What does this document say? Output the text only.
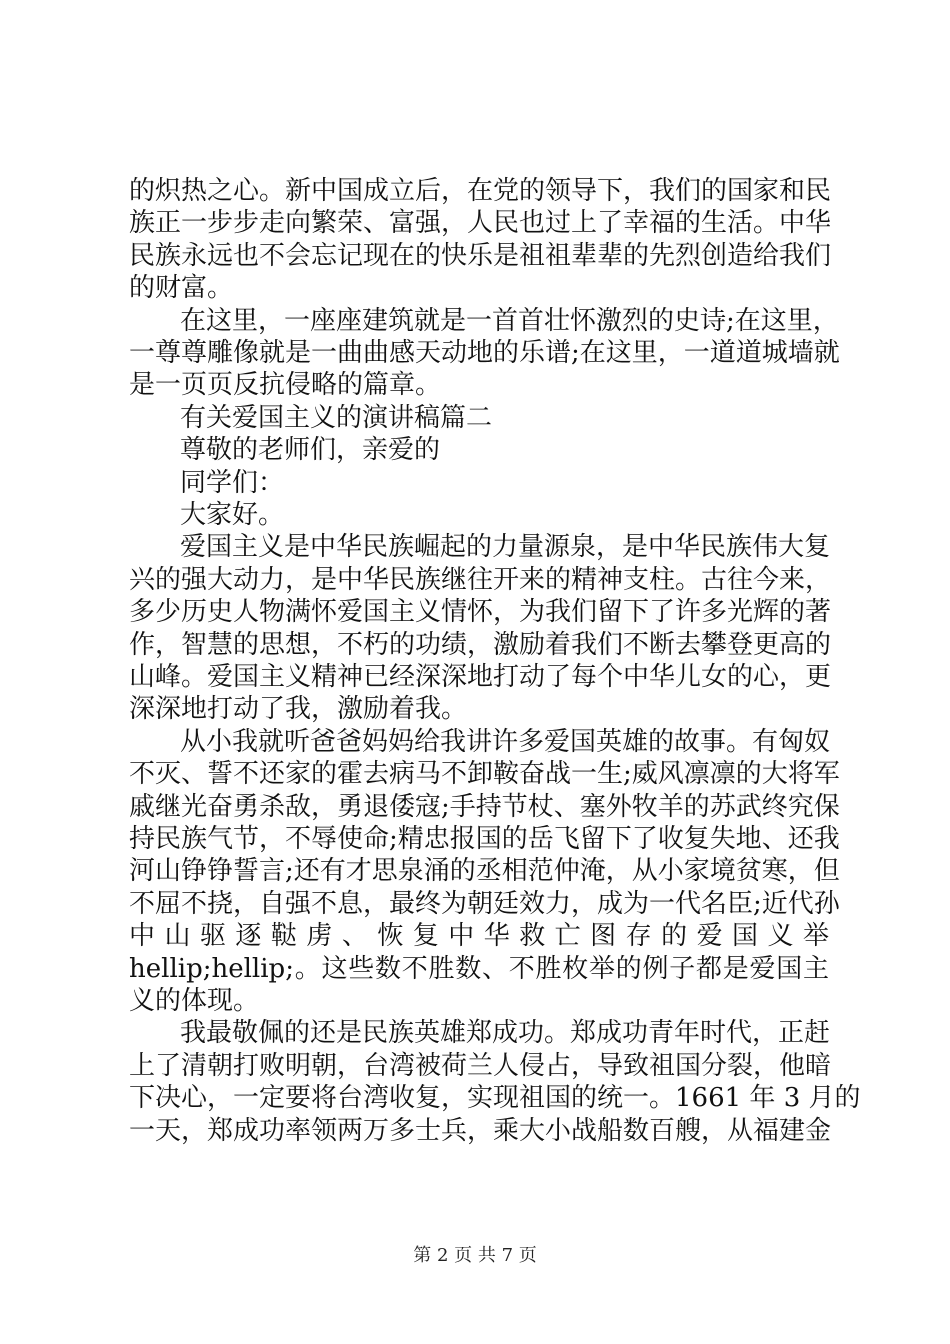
的炽热之心。新中国成立后，在党的领导下，我们的国家和民
族正一步步走向繁荣、富强，人民也过上了幸福的生活。中华
民族永远也不会忘记现在的快乐是祖祖辈辈的先烈创造给我们
的财富。
在这里，一座座建筑就是一首首壮怀激烈的史诗;在这里，
一尊尊雕像就是一曲曲感天动地的乐谱;在这里，一道道城墙就
是一页页反抗侵略的篇章。
有关爱国主义的演讲稿篇二
尊敬的老师们，亲爱的
同学们：
大家好。
爱国主义是中华民族崛起的力量源泉，是中华民族伟大复
兴的强大动力，是中华民族继往开来的精神支柱。古往今来，
多少历史人物满怀爱国主义情怀，为我们留下了许多光辉的著
作，智慧的思想，不朽的功绩，激励着我们不断去攀登更高的
山峰。爱国主义精神已经深深地打动了每个中华儿女的心，更
深深地打动了我，激励着我。
从小我就听爸爸妈妈给我讲许多爱国英雄的故事。有匈奴
不灭、誓不还家的霍去病马不卸鞍奋战一生;威风凛凛的大将军
戚继光奋勇杀敌，勇退倭寇;手持节杖、塞外牧羊的苏武终究保
持民族气节，不辱使命;精忠报国的岳飞留下了收复失地、还我
河山铮铮誓言;还有才思泉涌的丞相范仲淹，从小家境贫寒，但
不屈不挠，自强不息，最终为朝廷效力，成为一代名臣;近代孙
中 山 驱 逐 鞑 虏 、 恢 复 中 华 救 亡 图 存 的 爱 国 义 举
hellip;hellip;。这些数不胜数、不胜枚举的例子都是爱国主
义的体现。
我最敬佩的还是民族英雄郑成功。郑成功青年时代，正赶
上了清朝打败明朝，台湾被荷兰人侵占，导致祖国分裂，他暗
下决心，一定要将台湾收复，实现祖国的统一。1661 年 3 月的
一天，郑成功率领两万多士兵，乘大小战船数百艘，从福建金
第 2 页 共 7 页
